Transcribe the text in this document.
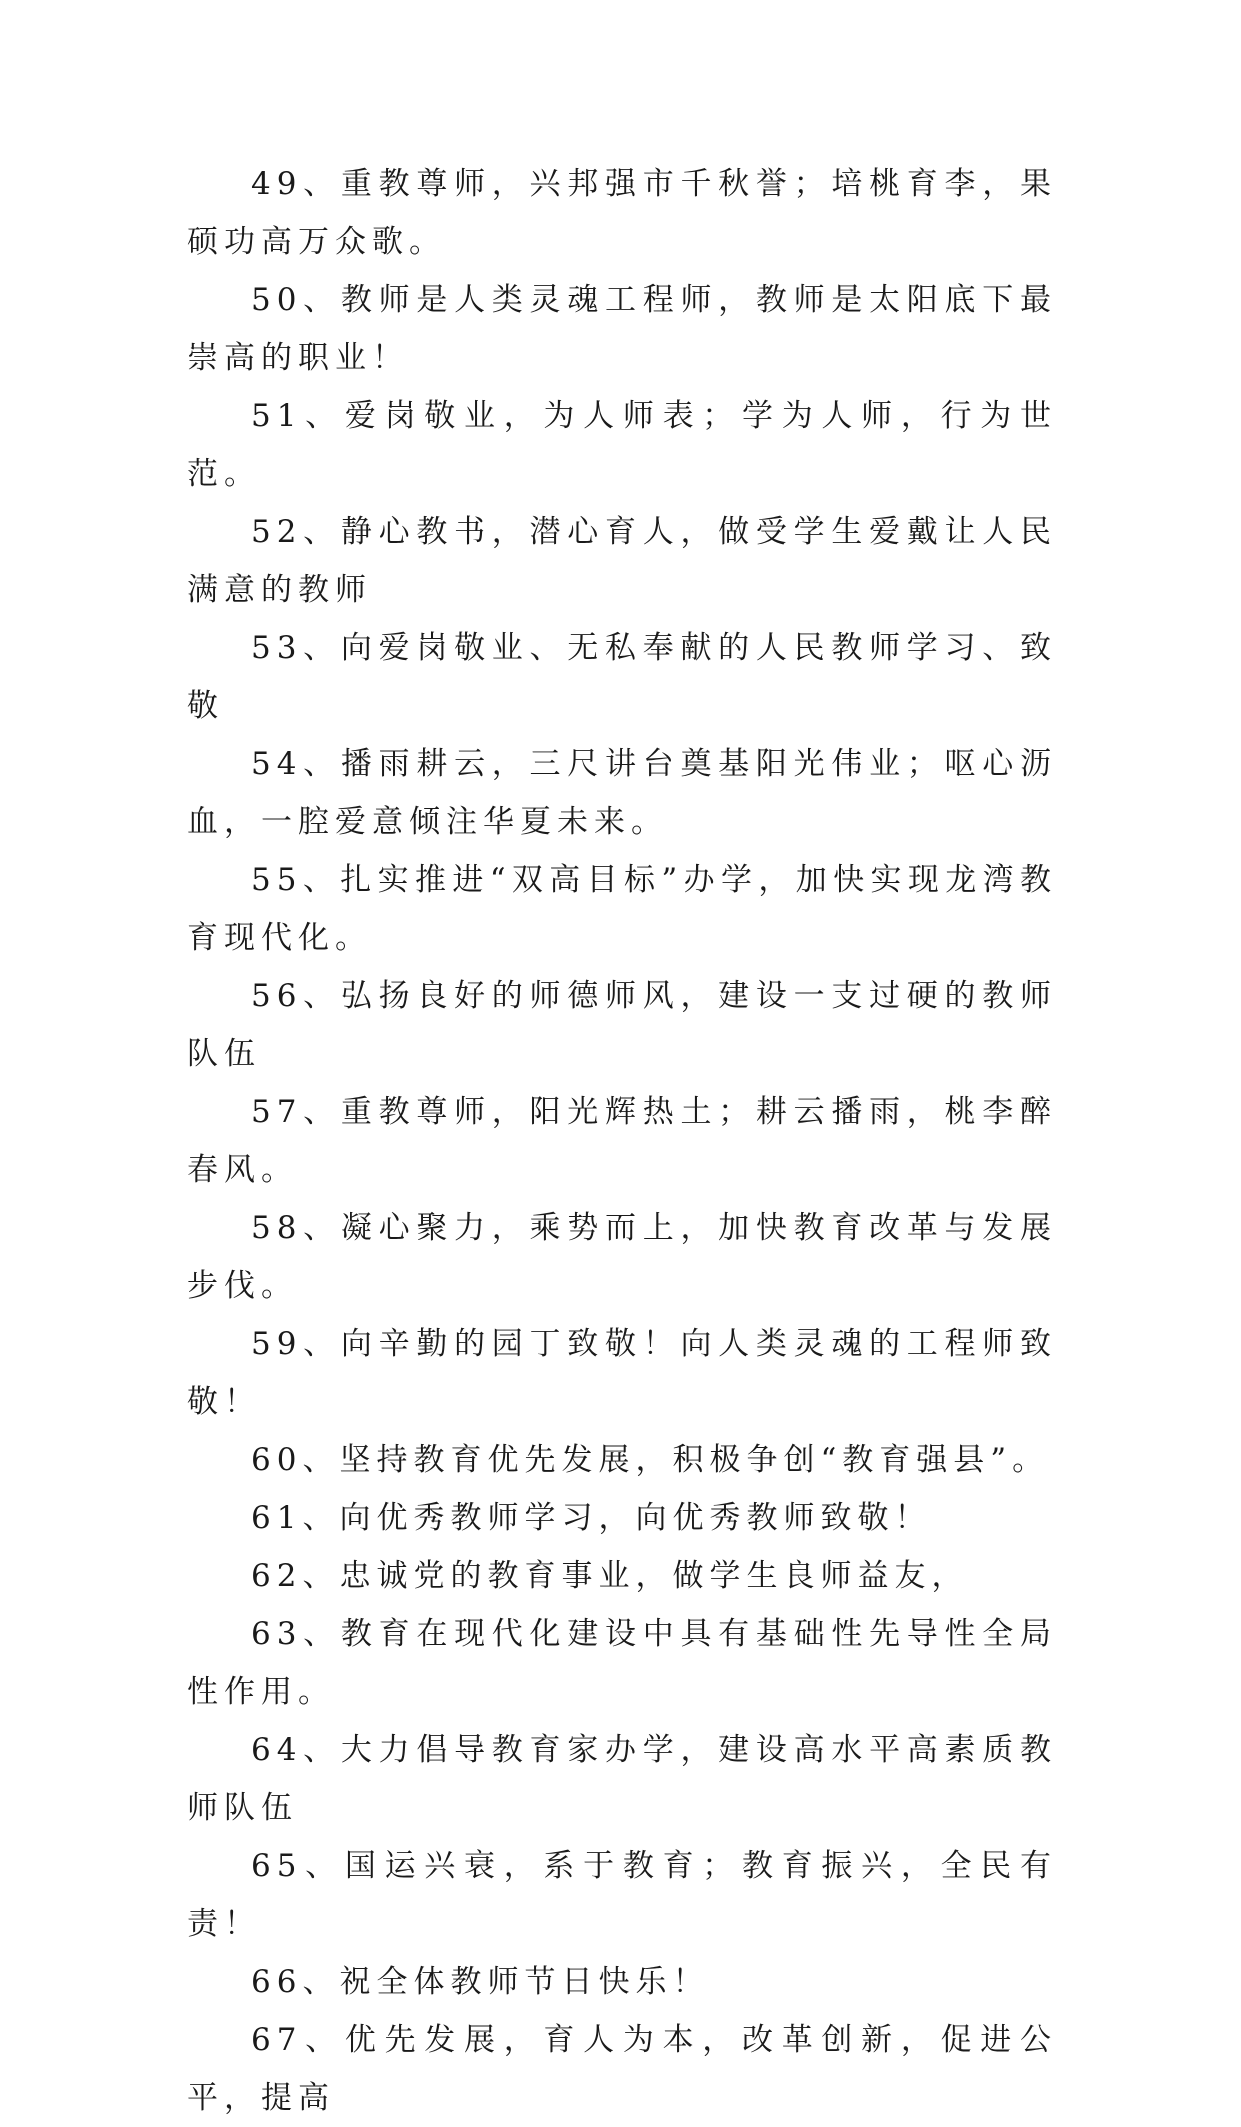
49、重教尊师，兴邦强市千秋誉；培桃育李，果硕功高万众歌。

50、教师是人类灵魂工程师，教师是太阳底下最崇高的职业！

51、爱岗敬业，为人师表；学为人师，行为世范。

52、静心教书，潜心育人，做受学生爱戴让人民满意的教师

53、向爱岗敬业、无私奉献的人民教师学习、致敬

54、播雨耕云，三尺讲台奠基阳光伟业；呕心沥血，一腔爱意倾注华夏未来。

55、扎实推进“双高目标”办学，加快实现龙湾教育现代化。

56、弘扬良好的师德师风，建设一支过硬的教师队伍

57、重教尊师，阳光辉热土；耕云播雨，桃李醉春风。

58、凝心聚力，乘势而上，加快教育改革与发展步伐。

59、向辛勤的园丁致敬！向人类灵魂的工程师致敬！

60、坚持教育优先发展，积极争创“教育强县”。

61、向优秀教师学习，向优秀教师致敬！

62、忠诚党的教育事业，做学生良师益友，

63、教育在现代化建设中具有基础性先导性全局性作用。

64、大力倡导教育家办学，建设高水平高素质教师队伍

65、国运兴衰，系于教育；教育振兴，全民有责！

66、祝全体教师节日快乐！

67、优先发展，育人为本，改革创新，促进公平，提高
